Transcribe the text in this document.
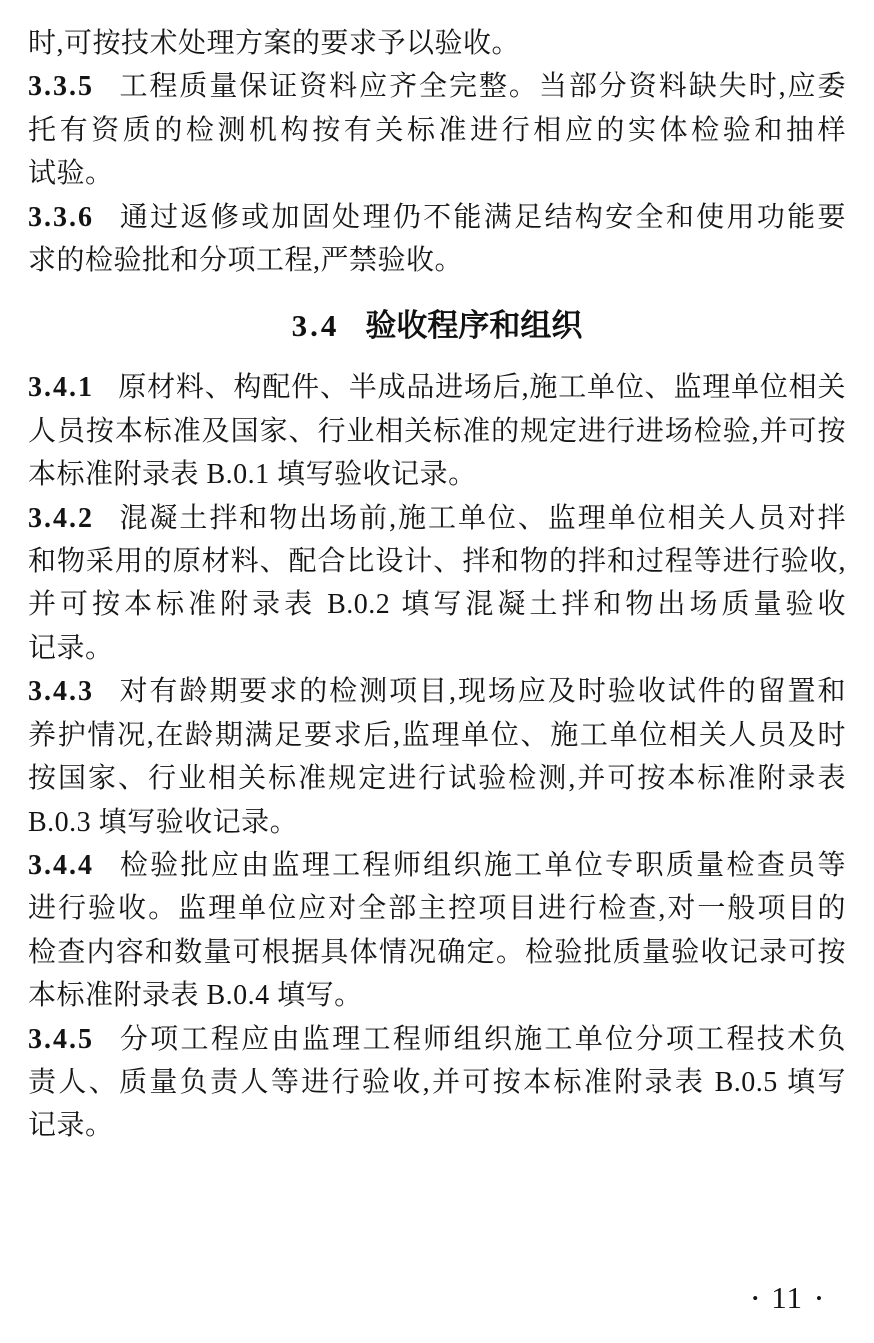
时,可按技术处理方案的要求予以验收。
3.3.5 工程质量保证资料应齐全完整。当部分资料缺失时,应委
托有资质的检测机构按有关标准进行相应的实体检验和抽样
试验。
3.3.6 通过返修或加固处理仍不能满足结构安全和使用功能要
求的检验批和分项工程,严禁验收。
3.4 验收程序和组织
3.4.1 原材料、构配件、半成品进场后,施工单位、监理单位相关
人员按本标准及国家、行业相关标准的规定进行进场检验,并可按
本标准附录表 B.0.1 填写验收记录。
3.4.2 混凝土拌和物出场前,施工单位、监理单位相关人员对拌
和物采用的原材料、配合比设计、拌和物的拌和过程等进行验收,
并可按本标准附录表 B.0.2 填写混凝土拌和物出场质量验收
记录。
3.4.3 对有龄期要求的检测项目,现场应及时验收试件的留置和
养护情况,在龄期满足要求后,监理单位、施工单位相关人员及时
按国家、行业相关标准规定进行试验检测,并可按本标准附录表
B.0.3 填写验收记录。
3.4.4 检验批应由监理工程师组织施工单位专职质量检查员等
进行验收。监理单位应对全部主控项目进行检查,对一般项目的
检查内容和数量可根据具体情况确定。检验批质量验收记录可按
本标准附录表 B.0.4 填写。
3.4.5 分项工程应由监理工程师组织施工单位分项工程技术负
责人、质量负责人等进行验收,并可按本标准附录表 B.0.5 填写
记录。
• 11 •
